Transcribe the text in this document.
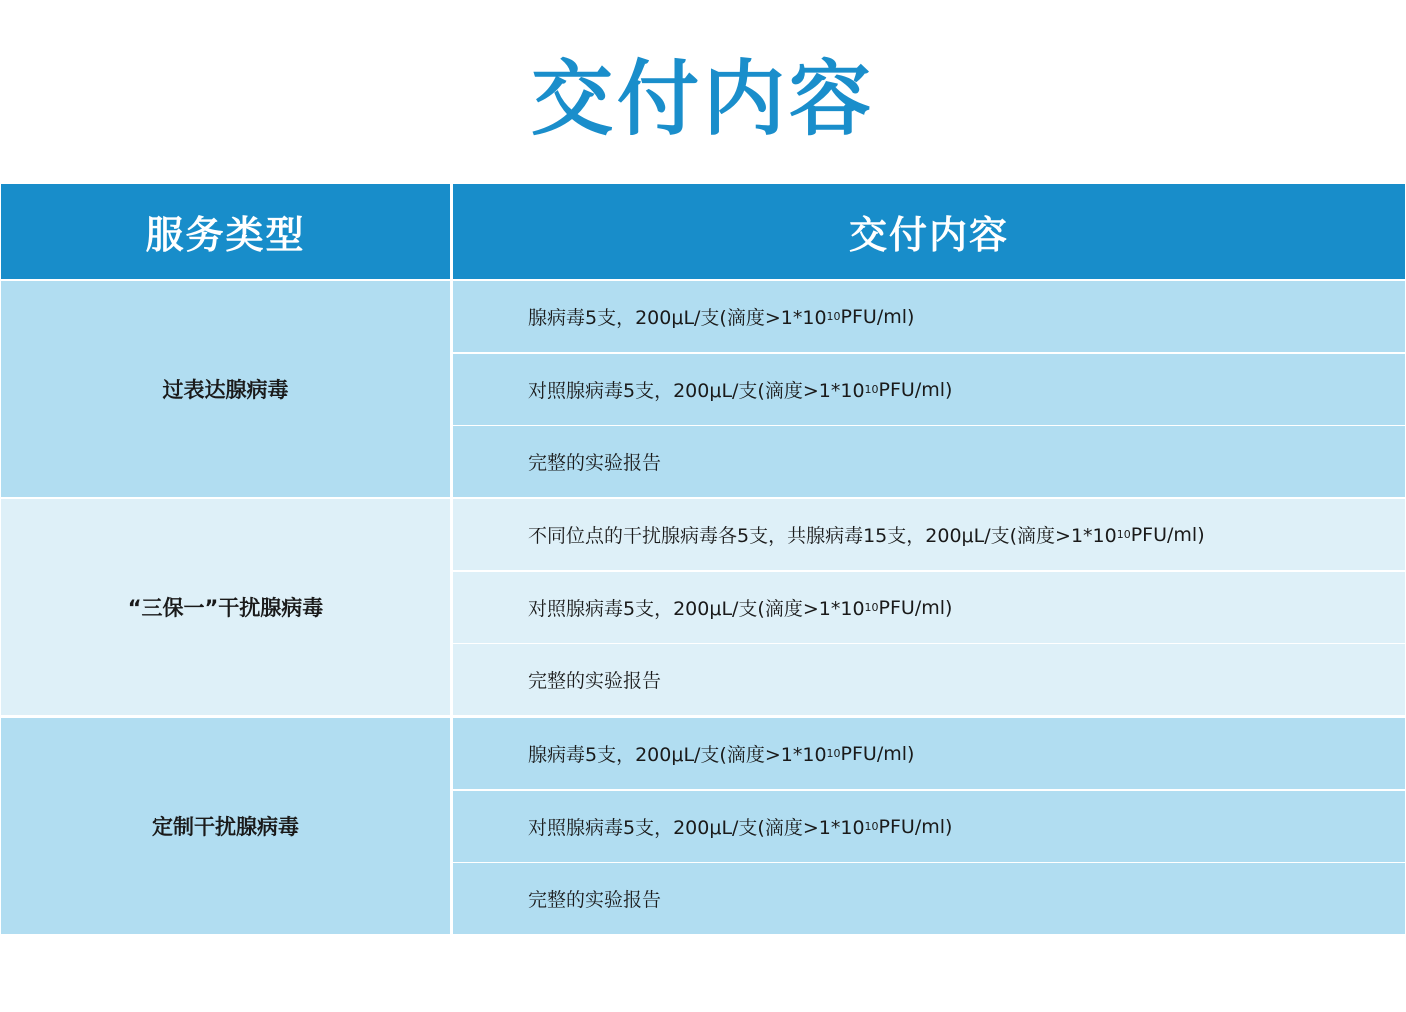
交付内容
服务类型	交付内容
过表达腺病毒
腺病毒5支，200μL/支(滴度>1*10 10 PFU/ml)
对照腺病毒5支，200μL/支(滴度>1*10 10 PFU/ml)
完整的实验报告
“三保一”干扰腺病毒
不同位点的干扰腺病毒各5支，共腺病毒15支，200μL/支(滴度>1*10 10 PFU/ml)
对照腺病毒5支，200μL/支(滴度>1*10 10 PFU/ml)
完整的实验报告
定制干扰腺病毒
腺病毒5支，200μL/支(滴度>1*10 10 PFU/ml)
对照腺病毒5支，200μL/支(滴度>1*10 10 PFU/ml)
完整的实验报告
